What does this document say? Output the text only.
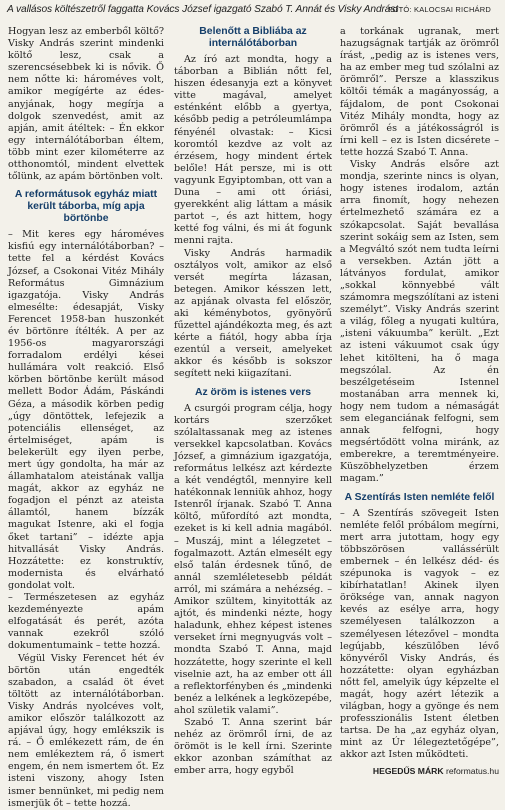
A vallásos költészetről faggatta Kovács József igazgató Szabó T. Annát és Visky Andrást
FOTÓ: KALOCSAI RICHÁRD

Hogyan lesz az emberből költő? Visky András szerint mindenki költő lesz, csak a szerencsésebbek ki is nővik. Ő nem nőtte ki: hároméves volt, amikor megígérte az édesanyjának, hogy megírja a dolgok szenvedést, amit az apján, amit átéltek: – Én ekkor egy internálótáborban éltem, több mint ezer kilométerre az otthonomtól, mindent elvettek tőlünk, az apám börtönben volt.

A reformátusok egyház miatt került táborba, míg apja börtönbe

– Mit keres egy hároméves kisfiú egy internálótáborban? – tette fel a kérdést Kovács József, a Csokonai Vitéz Mihály Református Gimnázium igazgatója. Visky András elmesélte: édesapját, Visky Ferencet 1958-ban huszonkét év börtönre ítélték. A per az 1956-os magyarországi forradalom erdélyi kései hullámára volt reakció. Első körben börtönbe került másod mellett Bodor Ádám, Páskándi Géza, a második körben pedig „úgy döntöttek, lefejezik a potenciális ellenséget, az értelmiséget, apám is belekerült egy ilyen perbe, mert úgy gondolta, ha már az államhatalom ateistának vallja magát, akkor az egyház ne fogadjon el pénzt az ateista államtól, hanem bízzák magukat Istenre, aki el fogja őket tartani” – idézte apja hitvallását Visky András. Hozzátette: ez konstruktív, modernista és elvárható gondolat volt.

– Természetesen az egyház kezdeményezte apám elfogatását és perét, azóta vannak ezekről szóló dokumentumaink – tette hozzá.

Végül Visky Ferencet hét év börtön után engedték szabadon, a család öt évet töltött az internálótáborban. Visky András nyolcéves volt, amikor először találkozott az apjával úgy, hogy emlékszik is rá. – Ő emlékezett rám, de én nem emlékeztem rá, ő ismert engem, én nem ismertem őt. Ez isteni viszony, ahogy Isten ismer bennünket, mi pedig nem ismerjük őt – tette hozzá.

Belenőtt a Bibliába az internálótáborban

Az író azt mondta, hogy a táborban a Biblián nőtt fel, hiszen édesanyja ezt a könyvet vitte magával, amelyet esténként előbb a gyertya, később pedig a petróleumlámpa fényénél olvastak: – Kicsi koromtól kezdve az volt az érzésem, hogy mindent értek belőle! Hát persze, mi is ott vagyunk Egyiptomban, ott van a Duna – ami ott óriási, gyerekként alig láttam a másik partot –, és azt hittem, hogy ketté fog válni, és mi át fogunk menni rajta.

Visky András harmadik osztályos volt, amikor az első versét megírta lázasan, betegen. Amikor késszen lett, az apjának olvasta fel először, aki kéménybotos, gyönyörű fűzettel ajándékozta meg, és azt kérte a fiától, hogy abba írja ezentúl a verseit, amelyeket akkor és később is sokszor segített neki kiigazítani.

Az öröm is istenes vers

A csurgói program célja, hogy kortárs szerzőket szólaltassanak meg az istenes versekkel kapcsolatban. Kovács József, a gimnázium igazgatója, református lelkész azt kérdezte a két vendégtől, mennyire kell hatékonnak lenniük ahhoz, hogy Istenről írjanak. Szabó T. Anna költő, műfordító azt mondta, ezeket is ki kell adnia magából. – Muszáj, mint a lélegzetet – fogalmazott. Aztán elmesélt egy első talán érdesnek tűnő, de annál szemléletesebb példát arról, mi számára a nehézség. – Amikor szültem, kinyitották az ajtót, és mindenki nézte, hogy haladunk, ehhez képest istenes verseket írni megnyugvás volt – mondta Szabó T. Anna, majd hozzátette, hogy szerinte el kell viselnie azt, ha az ember ott áll a reflektorfényben és „mindenki benéz a lelkének a legközepébe, ahol születik valami”.

Szabó T. Anna szerint bár nehéz az örömről írni, de az örömöt is le kell írni. Szerinte ekkor azonban számíthat az ember arra, hogy egyből

a torkának ugranak, mert hazugságnak tartják az örömről írást, „pedig az is istenes vers, ha az ember meg tud szólalni az örömről”. Persze a klasszikus költői témák a magányosság, a fájdalom, de pont Csokonai Vitéz Mihály mondta, hogy az örömről és a játékosságról is írni kell – ez is Isten dicsérete – tette hozzá Szabó T. Anna.

Visky András elsőre azt mondja, szerinte nincs is olyan, hogy istenes irodalom, aztán arra finomít, hogy nehezen értelmezhető számára ez a szókapcsolat. Saját bevallása szerint sokáig sem az Isten, sem a Megváltó szót nem tudta leírni a versekben. Aztán jött a látványos fordulat, amikor „sokkal könnyebbé vált számomra megszólítani az isteni személyt”. Visky András szerint a világ, főleg a nyugati kultúra, „isteni vákuumba” került. „Ezt az isteni vákuumot csak úgy lehet kitölteni, ha ő maga megszólal. Az én beszélgetéseim Istennel mostanában arra mennek ki, hogy nem tudom a némaságát sem eleganciának felfogni, sem annak felfogni, hogy megsértődött volna miránk, az emberekre, a teremtményeire. Küszöbhelyzetben érzem magam.”

A Szentírás Isten nemléte felől

– A Szentírás szövegeit Isten nemléte felől próbálom megírni, mert arra jutottam, hogy egy többszörösen vallássérült embernek – én lelkész déd- és szépunoka is vagyok – ez kibírhatatlan! Akinek ilyen öröksége van, annak nagyon kevés az esélye arra, hogy személyesen találkozzon a személyesen létezővel – mondta legújabb, készülőben lévő könyvéről Visky András, és hozzátette: olyan egyházban nőtt fel, amelyik úgy képzelte el magát, hogy azért létezik a világban, hogy a gyönge és nem professzionális Istent életben tartsa. De ha „az egyház olyan, mint az Úr lélegeztetőgépe”, akkor azt Isten működteti.

HEGEDŰS MÁRK reformatus.hu
